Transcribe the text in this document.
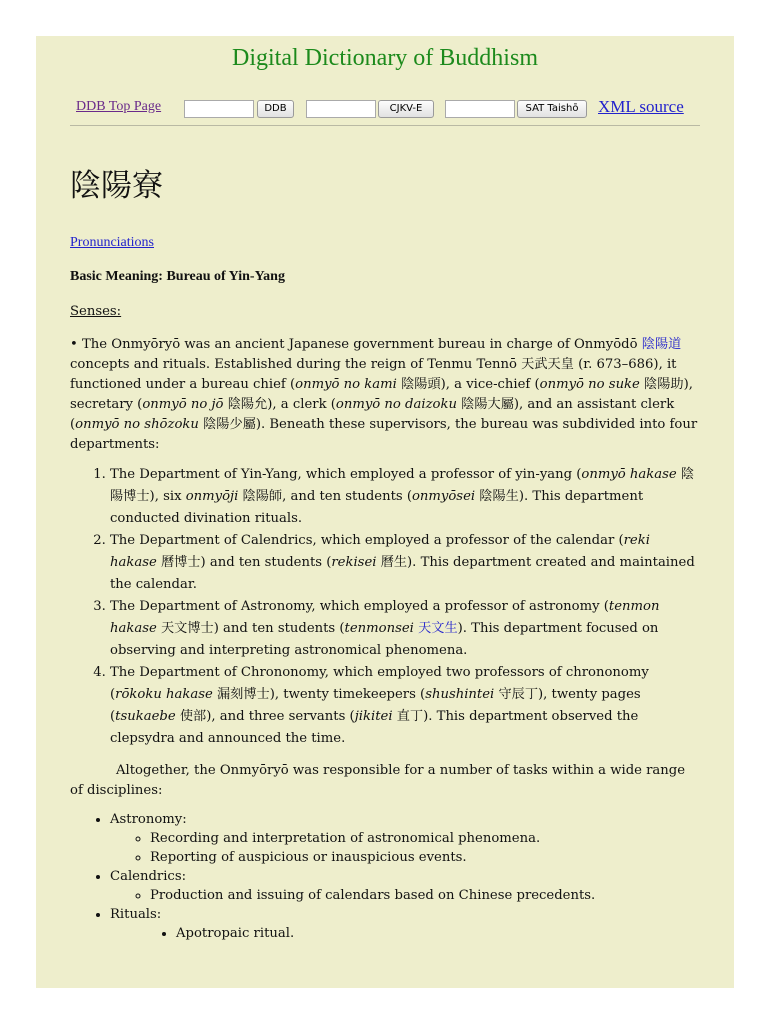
Digital Dictionary of Buddhism
DDB Top Page	DDB	CJKV-E	SAT Taishō	XML source
陰陽寮

Pronunciations

Basic Meaning: Bureau of Yin-Yang

Senses:

• The Onmyōryō was an ancient Japanese government bureau in charge of Onmyōdō 陰陽道 concepts and rituals. Established during the reign of Tenmu Tennō 天武天皇 (r. 673–686), it functioned under a bureau chief (onmyō no kami 陰陽頭), a vice-chief (onmyō no suke 陰陽助), secretary (onmyō no jō 陰陽允), a clerk (onmyō no daizoku 陰陽大屬), and an assistant clerk (onmyō no shōzoku 陰陽少屬). Beneath these supervisors, the bureau was subdivided into four departments:

1. The Department of Yin-Yang, which employed a professor of yin-yang (onmyō hakase 陰陽博士), six onmyōji 陰陽師, and ten students (onmyōsei 陰陽生). This department conducted divination rituals.
2. The Department of Calendrics, which employed a professor of the calendar (reki hakase 曆博士) and ten students (rekisei 曆生). This department created and maintained the calendar.
3. The Department of Astronomy, which employed a professor of astronomy (tenmon hakase 天文博士) and ten students (tenmonsei 天文生). This department focused on observing and interpreting astronomical phenomena.
4. The Department of Chrononomy, which employed two professors of chrononomy (rōkoku hakase 漏刻博士), twenty timekeepers (shushintei 守辰丁), twenty pages (tsukaebe 使部), and three servants (jikitei 直丁). This department observed the clepsydra and announced the time.

Altogether, the Onmyōryō was responsible for a number of tasks within a wide range of disciplines:

• Astronomy:
◦ Recording and interpretation of astronomical phenomena.
◦ Reporting of auspicious or inauspicious events.
• Calendrics:
◦ Production and issuing of calendars based on Chinese precedents.
• Rituals:
• Apotropaic ritual.
